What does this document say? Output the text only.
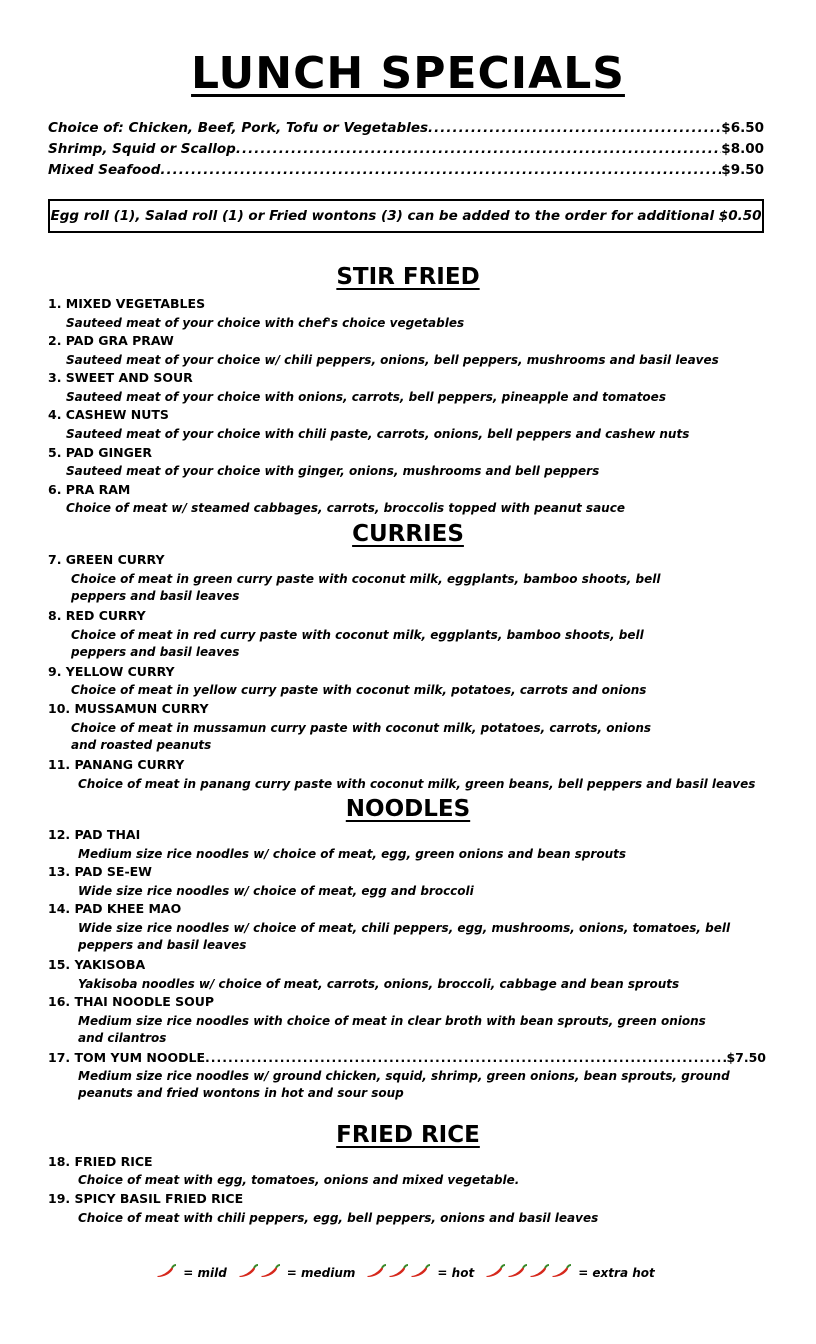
LUNCH SPECIALS
Choice of: Chicken, Beef, Pork, Tofu or Vegetables .....	$6.50
Shrimp, Squid or Scallop .....	$8.00
Mixed Seafood .....	$9.50
Egg roll (1), Salad roll (1) or Fried wontons (3) can be added to the order for additional $0.50
STIR FRIED
1. MIXED VEGETABLES
Sauteed meat of your choice with chef's choice vegetables
2. PAD GRA PRAW
Sauteed meat of your choice w/ chili peppers, onions, bell peppers, mushrooms and basil leaves
3. SWEET AND SOUR
Sauteed meat of your choice with onions, carrots, bell peppers, pineapple and tomatoes
4. CASHEW NUTS
Sauteed meat of your choice with chili paste, carrots, onions, bell peppers and cashew nuts
5. PAD GINGER
Sauteed meat of your choice with ginger, onions, mushrooms and bell peppers
6. PRA RAM
Choice of meat w/ steamed cabbages, carrots, broccolis topped with peanut sauce
CURRIES
7. GREEN CURRY
Choice of meat in green curry paste with coconut milk, eggplants, bamboo shoots, bell peppers and basil leaves
8. RED CURRY
Choice of meat in red curry paste with coconut milk, eggplants, bamboo shoots, bell peppers and basil leaves
9. YELLOW CURRY
Choice of meat in yellow curry paste with coconut milk, potatoes, carrots and onions
10. MUSSAMUN CURRY
Choice of meat in mussamun curry paste with coconut milk, potatoes, carrots, onions and roasted peanuts
11. PANANG CURRY
Choice of meat in panang curry paste with coconut milk, green beans, bell peppers and basil leaves
NOODLES
12. PAD THAI
Medium size rice noodles w/ choice of meat, egg, green onions and bean sprouts
13. PAD SE-EW
Wide size rice noodles w/ choice of meat, egg and broccoli
14. PAD KHEE MAO
Wide size rice noodles w/ choice of meat, chili peppers, egg, mushrooms, onions, tomatoes, bell peppers and basil leaves
15. YAKISOBA
Yakisoba noodles w/ choice of meat, carrots, onions, broccoli, cabbage and bean sprouts
16. THAI NOODLE SOUP
Medium size rice noodles with choice of meat in clear broth with bean sprouts, green onions and cilantros
17. TOM YUM NOODLE .....	$7.50
Medium size rice noodles w/ ground chicken, squid, shrimp, green onions, bean sprouts, ground peanuts and fried wontons in hot and sour soup
FRIED RICE
18. FRIED RICE
Choice of meat with egg, tomatoes, onions and mixed vegetable.
19. SPICY BASIL FRIED RICE
Choice of meat with chili peppers, egg, bell peppers, onions and basil leaves
= mild	= medium	= hot	= extra hot
